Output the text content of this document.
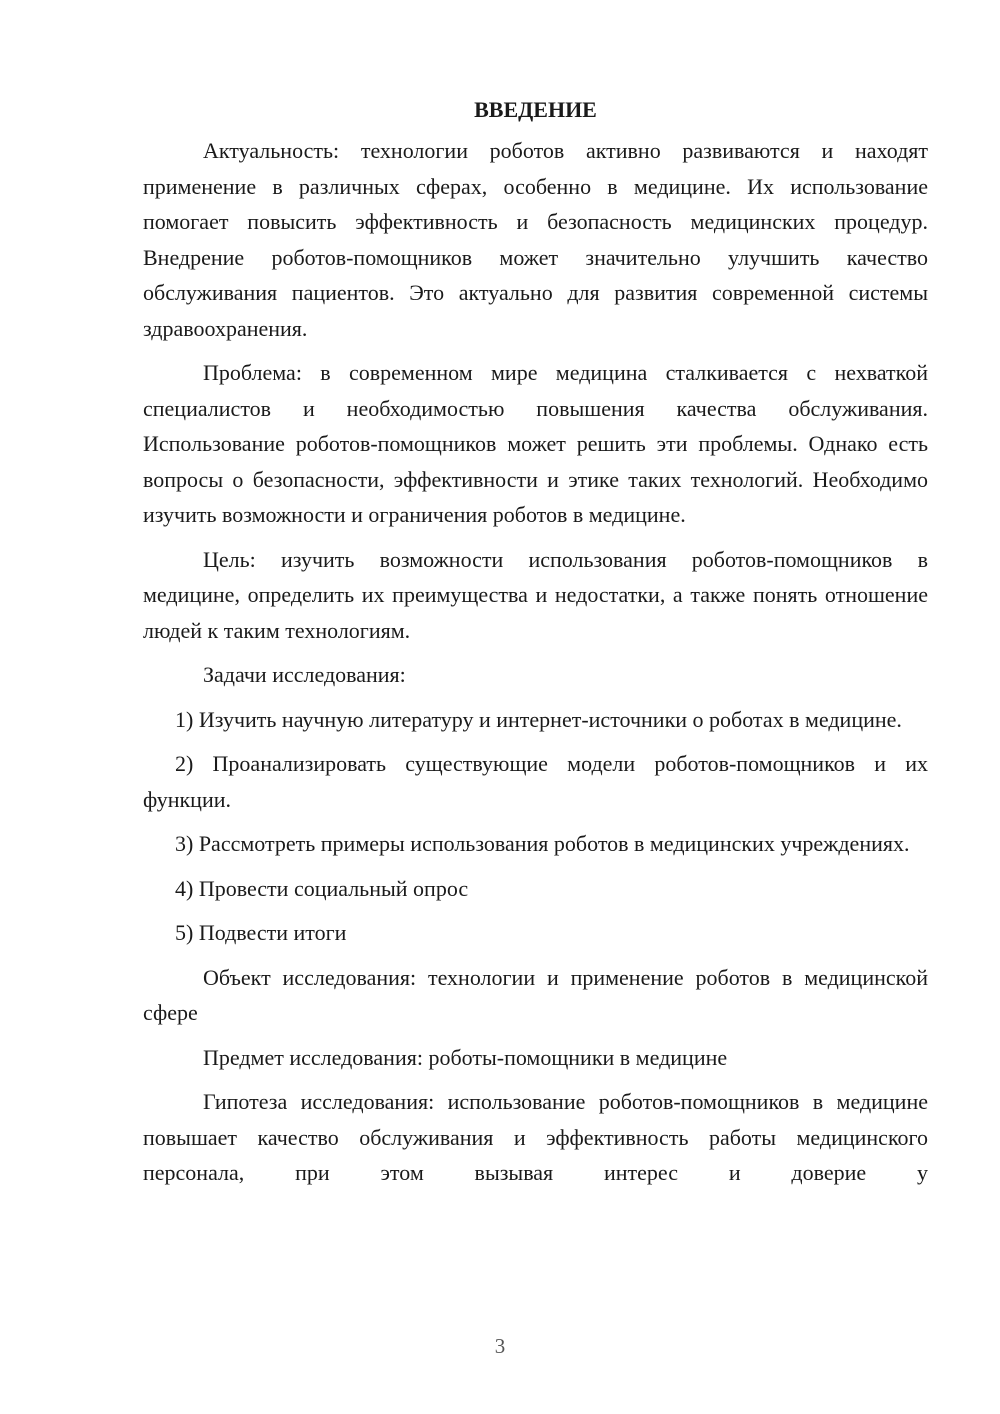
ВВЕДЕНИЕ

Актуальность: технологии роботов активно развиваются и находят применение в различных сферах, особенно в медицине. Их использование помогает повысить эффективность и безопасность медицинских процедур. Внедрение роботов-помощников может значительно улучшить качество обслуживания пациентов. Это актуально для развития современной системы здравоохранения.

Проблема: в современном мире медицина сталкивается с нехваткой специалистов и необходимостью повышения качества обслуживания. Использование роботов-помощников может решить эти проблемы. Однако есть вопросы о безопасности, эффективности и этике таких технологий. Необходимо изучить возможности и ограничения роботов в медицине.

Цель: изучить возможности использования роботов-помощников в медицине, определить их преимущества и недостатки, а также понять отношение людей к таким технологиям.

Задачи исследования:

1) Изучить научную литературу и интернет-источники о роботах в медицине.

2) Проанализировать существующие модели роботов-помощников и их функции.

3) Рассмотреть примеры использования роботов в медицинских учреждениях.

4) Провести социальный опрос

5) Подвести итоги

Объект исследования: технологии и применение роботов в медицинской сфере

Предмет исследования: роботы-помощники в медицине

Гипотеза исследования: использование роботов-помощников в медицине повышает качество обслуживания и эффективность работы медицинского персонала, при этом вызывая интерес и доверие у

3
